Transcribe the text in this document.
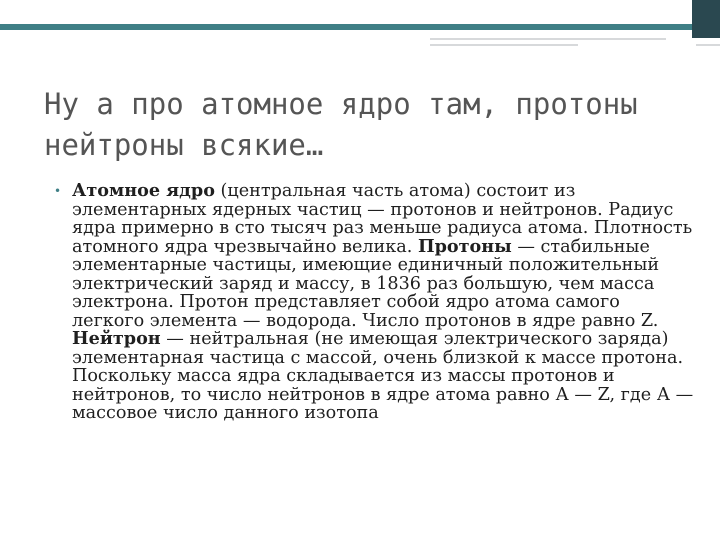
Ну а про атомное ядро там, протоны нейтроны всякие…
• Атомное ядро (центральная часть атома) состоит из элементарных ядерных частиц — протонов и нейтронов. Радиус ядра примерно в сто тысяч раз меньше радиуса атома. Плотность атомного ядра чрезвычайно велика. Протоны — стабильные элементарные частицы, имеющие единичный положительный электрический заряд и массу, в 1836 раз большую, чем масса электрона. Протон представляет собой ядро атома самого легкого элемента — водорода. Число протонов в ядре равно Z. Нейтрон — нейтральная (не имеющая электрического заряда) элементарная частица с массой, очень близкой к массе протона. Поскольку масса ядра складывается из массы протонов и нейтронов, то число нейтронов в ядре атома равно А — Z, где А — массовое число данного изотопа
